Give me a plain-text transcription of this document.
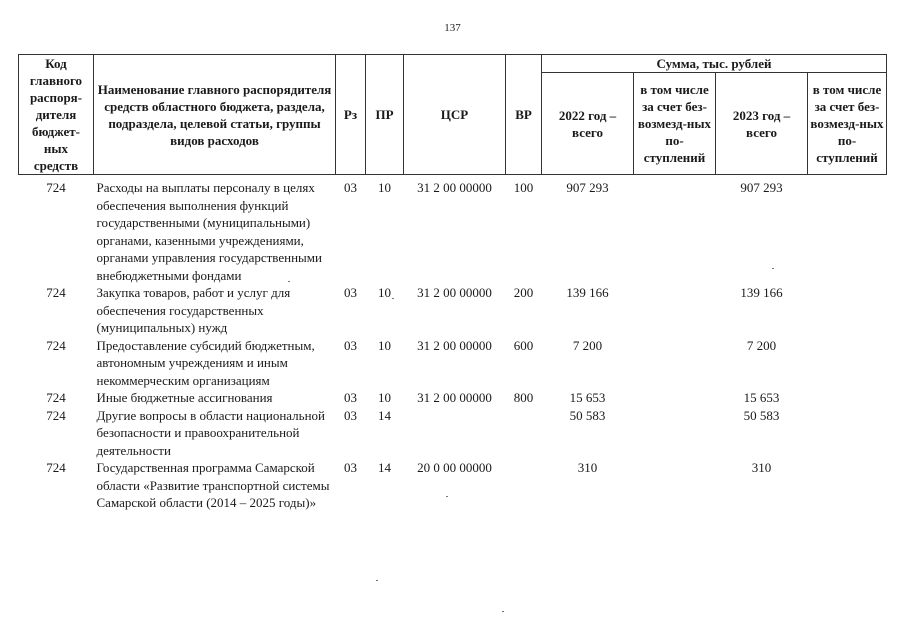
137
Код главного распоря-дителя бюджет-ных средств	Наименование главного распорядителя средств областного бюджета, раздела, подраздела, целевой статьи, группы видов расходов	Рз	ПР	ЦСР	ВР	Сумма, тыс. рублей			
						2022 год – всего	в том числе за счет без-возмезд-ных по-ступлений	2023 год – всего	в том числе за счет без-возмезд-ных по-ступлений

724	Расходы на выплаты персоналу в целях обеспечения выполнения функций государственными (муниципальными) органами, казенными учреждениями, органами управления государственными внебюджетными фондами	03	10	31 2 00 00000	100	907 293		907 293	
724	Закупка товаров, работ и услуг для обеспечения государственных (муниципальных) нужд	03	10	31 2 00 00000	200	139 166		139 166	
724	Предоставление субсидий бюджетным, автономным учреждениям и иным некоммерческим организациям	03	10	31 2 00 00000	600	7 200		7 200	
724	Иные бюджетные ассигнования	03	10	31 2 00 00000	800	15 653		15 653	
724	Другие вопросы в области национальной безопасности и правоохранительной деятельности	03	14			50 583		50 583	
724	Государственная программа Самарской области «Развитие транспортной системы Самарской области (2014 – 2025 годы)»	03	14	20 0 00 00000		310		310	
